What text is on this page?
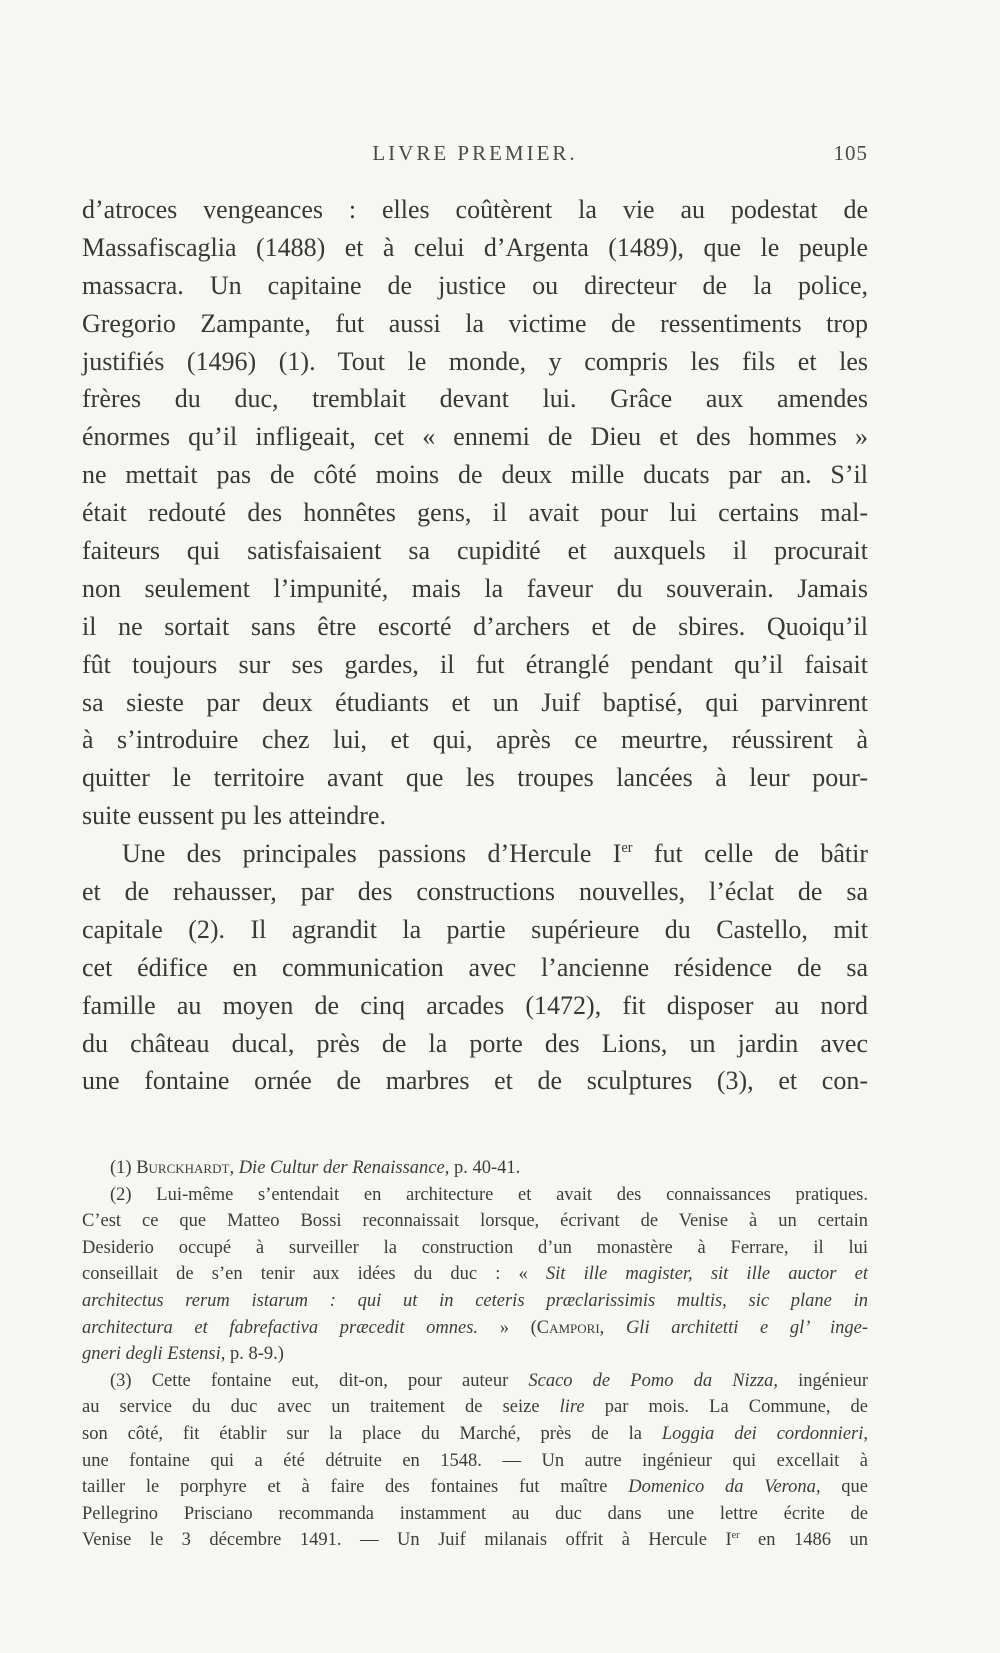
LIVRE PREMIER.	105
d’atroces vengeances : elles coûtèrent la vie au podestat de
Massafiscaglia (1488) et à celui d’Argenta (1489), que le peuple
massacra. Un capitaine de justice ou directeur de la police,
Gregorio Zampante, fut aussi la victime de ressentiments trop
justifiés (1496) (1). Tout le monde, y compris les fils et les
frères du duc, tremblait devant lui. Grâce aux amendes
énormes qu’il infligeait, cet « ennemi de Dieu et des hommes »
ne mettait pas de côté moins de deux mille ducats par an. S’il
était redouté des honnêtes gens, il avait pour lui certains mal-
faiteurs qui satisfaisaient sa cupidité et auxquels il procurait
non seulement l’impunité, mais la faveur du souverain. Jamais
il ne sortait sans être escorté d’archers et de sbires. Quoiqu’il
fût toujours sur ses gardes, il fut étranglé pendant qu’il faisait
sa sieste par deux étudiants et un Juif baptisé, qui parvinrent
à s’introduire chez lui, et qui, après ce meurtre, réussirent à
quitter le territoire avant que les troupes lancées à leur pour-
suite eussent pu les atteindre.
Une des principales passions d’Hercule Ier fut celle de bâtir
et de rehausser, par des constructions nouvelles, l’éclat de sa
capitale (2). Il agrandit la partie supérieure du Castello, mit
cet édifice en communication avec l’ancienne résidence de sa
famille au moyen de cinq arcades (1472), fit disposer au nord
du château ducal, près de la porte des Lions, un jardin avec
une fontaine ornée de marbres et de sculptures (3), et con-
(1) Burckhardt, Die Cultur der Renaissance, p. 40-41.
(2) Lui-même s’entendait en architecture et avait des connaissances pratiques.
C’est ce que Matteo Bossi reconnaissait lorsque, écrivant de Venise à un certain
Desiderio occupé à surveiller la construction d’un monastère à Ferrare, il lui
conseillait de s’en tenir aux idées du duc : « Sit ille magister, sit ille auctor et
architectus rerum istarum : qui ut in ceteris præclarissimis multis, sic plane in
architectura et fabrefactiva præcedit omnes. » (Campori, Gli architetti e gl’ inge-
gneri degli Estensi, p. 8-9.)
(3) Cette fontaine eut, dit-on, pour auteur Scaco de Pomo da Nizza, ingénieur
au service du duc avec un traitement de seize lire par mois. La Commune, de
son côté, fit établir sur la place du Marché, près de la Loggia dei cordonnieri,
une fontaine qui a été détruite en 1548. — Un autre ingénieur qui excellait à
tailler le porphyre et à faire des fontaines fut maître Domenico da Verona, que
Pellegrino Prisciano recommanda instamment au duc dans une lettre écrite de
Venise le 3 décembre 1491. — Un Juif milanais offrit à Hercule Ier en 1486 un
